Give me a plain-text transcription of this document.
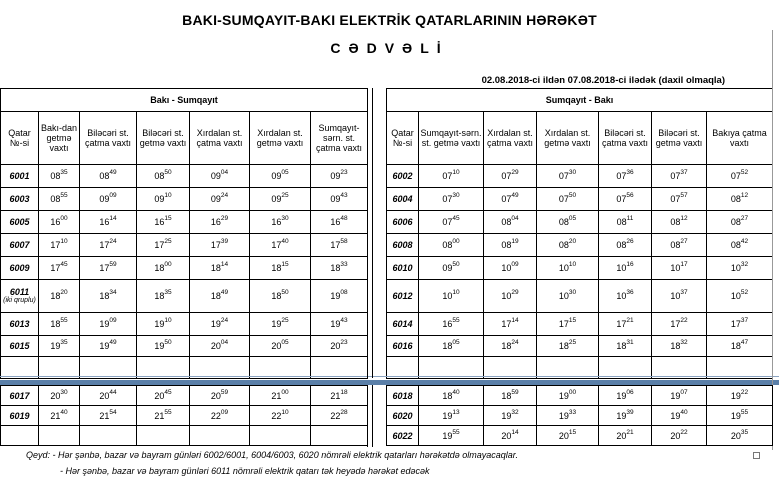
BAKI-SUMQAYIT-BAKI ELEKTRİK QATARLARININ HƏRƏKƏT
CƏDVƏLİ
02.08.2018-ci ildən 07.08.2018-ci ilədək (daxil olmaqla)
Bakı - Sumqayıt						
Qatar №-si	Bakı-dan getmə vaxtı	Biləcəri st. çatma vaxtı	Biləcəri st. getmə vaxtı	Xırdalan st. çatma vaxtı	Xırdalan st. getmə vaxtı	Sumqayıt-sərn. st. çatma vaxtı
6001	$08^{35}$	$08^{49}$	$08^{50}$	$09^{04}$	$09^{05}$	$09^{23}$
6003	$08^{55}$	$09^{09}$	$09^{10}$	$09^{24}$	$09^{25}$	$09^{43}$
6005	$16^{00}$	$16^{14}$	$16^{15}$	$16^{29}$	$16^{30}$	$16^{48}$
6007	$17^{10}$	$17^{24}$	$17^{25}$	$17^{39}$	$17^{40}$	$17^{58}$
6009	$17^{45}$	$17^{59}$	$18^{00}$	$18^{14}$	$18^{15}$	$18^{33}$
6011
(iki qruplu)	$18^{20}$	$18^{34}$	$18^{35}$	$18^{49}$	$18^{50}$	$19^{08}$
6013	$18^{55}$	$19^{09}$	$19^{10}$	$19^{24}$	$19^{25}$	$19^{43}$
6015	$19^{35}$	$19^{49}$	$19^{50}$	$20^{04}$	$20^{05}$	$20^{23}$

Sumqayıt - Bakı						
Qatar №-si	Sumqayıt-sərn. st. getmə vaxtı	Xırdalan st. çatma vaxtı	Xırdalan st. getmə vaxtı	Biləcəri st. çatma vaxtı	Biləcəri st. getmə vaxtı	Bakıya çatma vaxtı
6002	$07^{10}$	$07^{29}$	$07^{30}$	$07^{36}$	$07^{37}$	$07^{52}$
6004	$07^{30}$	$07^{49}$	$07^{50}$	$07^{56}$	$07^{57}$	$08^{12}$
6006	$07^{45}$	$08^{04}$	$08^{05}$	$08^{11}$	$08^{12}$	$08^{27}$
6008	$08^{00}$	$08^{19}$	$08^{20}$	$08^{26}$	$08^{27}$	$08^{42}$
6010	$09^{50}$	$10^{09}$	$10^{10}$	$10^{16}$	$10^{17}$	$10^{32}$
6012	$10^{10}$	$10^{29}$	$10^{30}$	$10^{36}$	$10^{37}$	$10^{52}$
6014	$16^{55}$	$17^{14}$	$17^{15}$	$17^{21}$	$17^{22}$	$17^{37}$
6016	$18^{05}$	$18^{24}$	$18^{25}$	$18^{31}$	$18^{32}$	$18^{47}$

6017	$20^{30}$	$20^{44}$	$20^{45}$	$20^{59}$	$21^{00}$	$21^{18}$
6019	$21^{40}$	$21^{54}$	$21^{55}$	$22^{09}$	$22^{10}$	$22^{28}$

6018	$18^{40}$	$18^{59}$	$19^{00}$	$19^{06}$	$19^{07}$	$19^{22}$
6020	$19^{13}$	$19^{32}$	$19^{33}$	$19^{39}$	$19^{40}$	$19^{55}$
6022	$19^{55}$	$20^{14}$	$20^{15}$	$20^{21}$	$20^{22}$	$20^{35}$
Qeyd: - Hər şənbə, bazar və bayram günləri 6002/6001, 6004/6003, 6020 nömrəli elektrik qatarları hərəkətdə olmayacaqlar.
- Hər şənbə, bazar və bayram günləri 6011 nömrəli elektrik qatarı tək heyədə hərəkət edəcək
